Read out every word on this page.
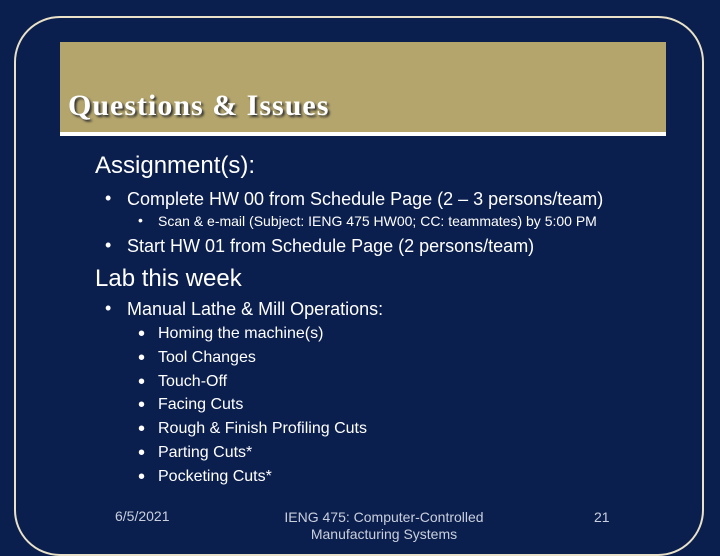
Questions & Issues
Assignment(s):
• Complete HW 00 from Schedule Page (2 – 3 persons/team)
• Scan & e-mail (Subject: IENG 475 HW00; CC: teammates) by 5:00 PM
• Start HW 01 from Schedule Page (2 persons/team)
Lab this week
• Manual Lathe & Mill Operations:
• Homing the machine(s)
• Tool Changes
• Touch-Off
• Facing Cuts
• Rough & Finish Profiling Cuts
• Parting Cuts*
• Pocketing Cuts*
6/5/2021	IENG 475: Computer-Controlled
Manufacturing Systems
21
